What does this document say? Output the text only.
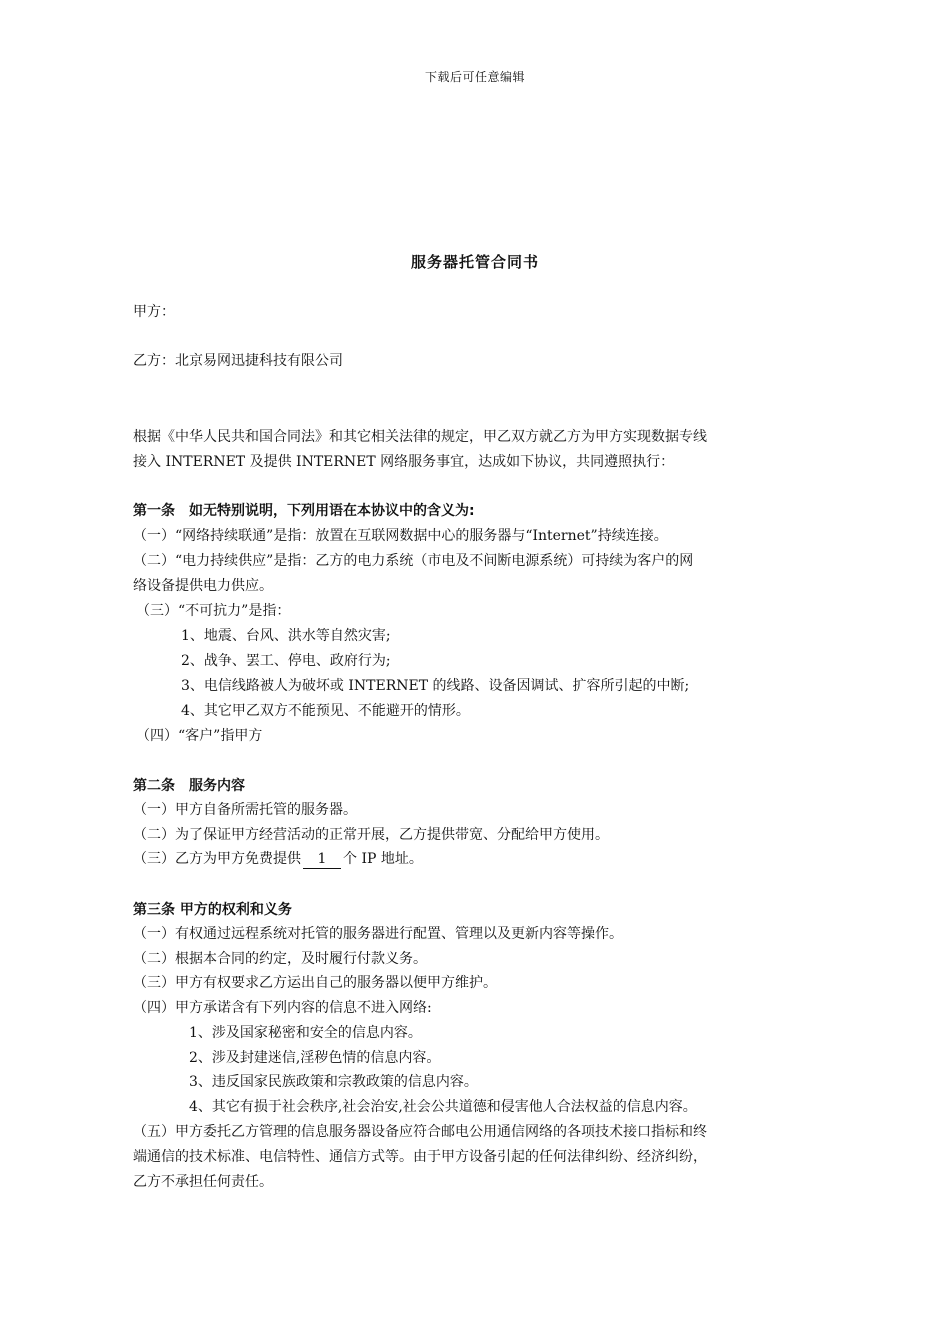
下载后可任意编辑
服务器托管合同书
甲方：
乙方：北京易网迅捷科技有限公司
根据《中华人民共和国合同法》和其它相关法律的规定，甲乙双方就乙方为甲方实现数据专线
接入 INTERNET 及提供 INTERNET 网络服务事宜，达成如下协议，共同遵照执行：
第一条　如无特别说明，下列用语在本协议中的含义为:
（一）“网络持续联通”是指：放置在互联网数据中心的服务器与“Internet”持续连接。
（二）“电力持续供应”是指：乙方的电力系统（市电及不间断电源系统）可持续为客户的网
络设备提供电力供应。
（三）“不可抗力”是指：
1、地震、台风、洪水等自然灾害;
2、战争、罢工、停电、政府行为;
3、电信线路被人为破坏或 INTERNET 的线路、设备因调试、扩容所引起的中断;
4、其它甲乙双方不能预见、不能避开的情形。
（四）“客户”指甲方
第二条　服务内容
（一）甲方自备所需托管的服务器。
（二）为了保证甲方经营活动的正常开展，乙方提供带宽、分配给甲方使用。
（三）乙方为甲方免费提供 1 个 IP 地址。
第三条 甲方的权利和义务
（一）有权通过远程系统对托管的服务器进行配置、管理以及更新内容等操作。
（二）根据本合同的约定，及时履行付款义务。
（三）甲方有权要求乙方运出自己的服务器以便甲方维护。
（四）甲方承诺含有下列内容的信息不进入网络:
1、涉及国家秘密和安全的信息内容。
2、涉及封建迷信,淫秽色情的信息内容。
3、违反国家民族政策和宗教政策的信息内容。
4、其它有损于社会秩序,社会治安,社会公共道德和侵害他人合法权益的信息内容。
（五）甲方委托乙方管理的信息服务器设备应符合邮电公用通信网络的各项技术接口指标和终
端通信的技术标准、电信特性、通信方式等。由于甲方设备引起的任何法律纠纷、经济纠纷，
乙方不承担任何责任。
